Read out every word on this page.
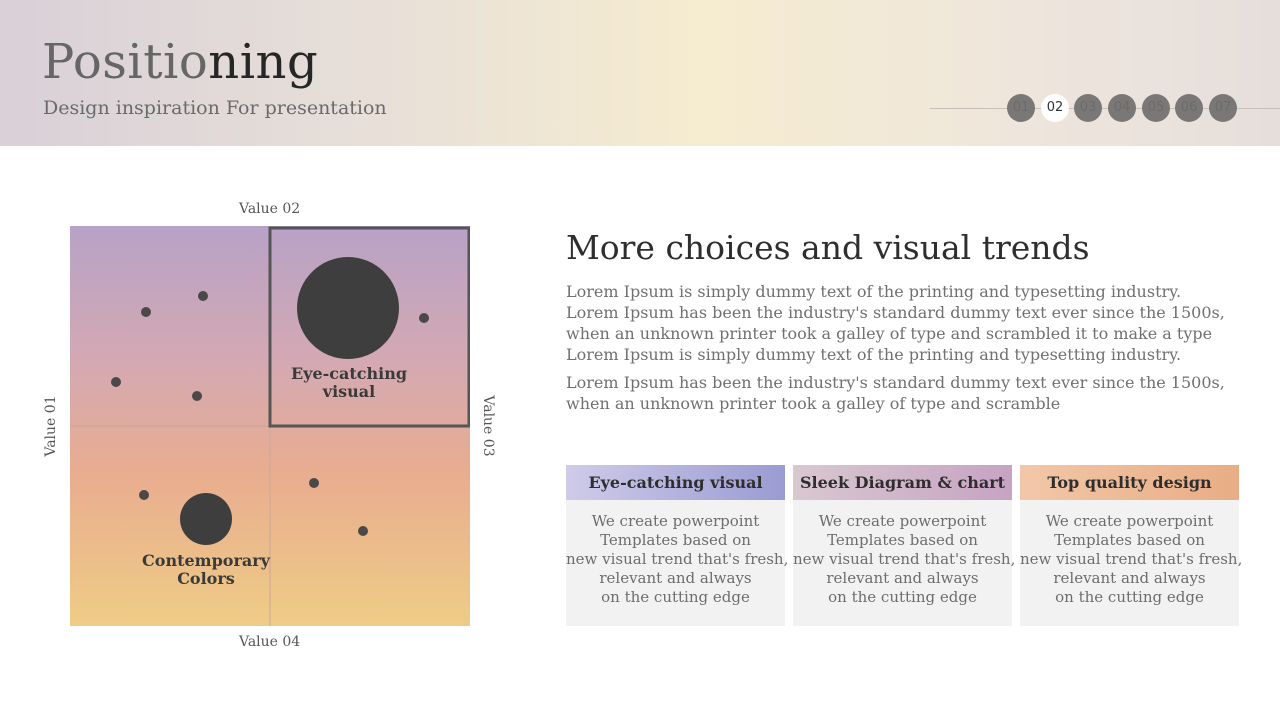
Positioning
Design inspiration For presentation	01	02	03	04	05	06	07
Value 02
Value 04
Value 01	Value 03
Eye-catching
visual
Contemporary
Colors
More choices and visual trends
Lorem Ipsum is simply dummy text of the printing and typesetting industry.
Lorem Ipsum has been the industry's standard dummy text ever since the 1500s,
when an unknown printer took a galley of type and scrambled it to make a type
Lorem Ipsum is simply dummy text of the printing and typesetting industry.
Lorem Ipsum has been the industry's standard dummy text ever since the 1500s,
when an unknown printer took a galley of type and scramble
Eye-catching visual
We create powerpoint
Templates based on
new visual trend that's fresh,
relevant and always
on the cutting edge
Sleek Diagram & chart
We create powerpoint
Templates based on
new visual trend that's fresh,
relevant and always
on the cutting edge
Top quality design
We create powerpoint
Templates based on
new visual trend that's fresh,
relevant and always
on the cutting edge
